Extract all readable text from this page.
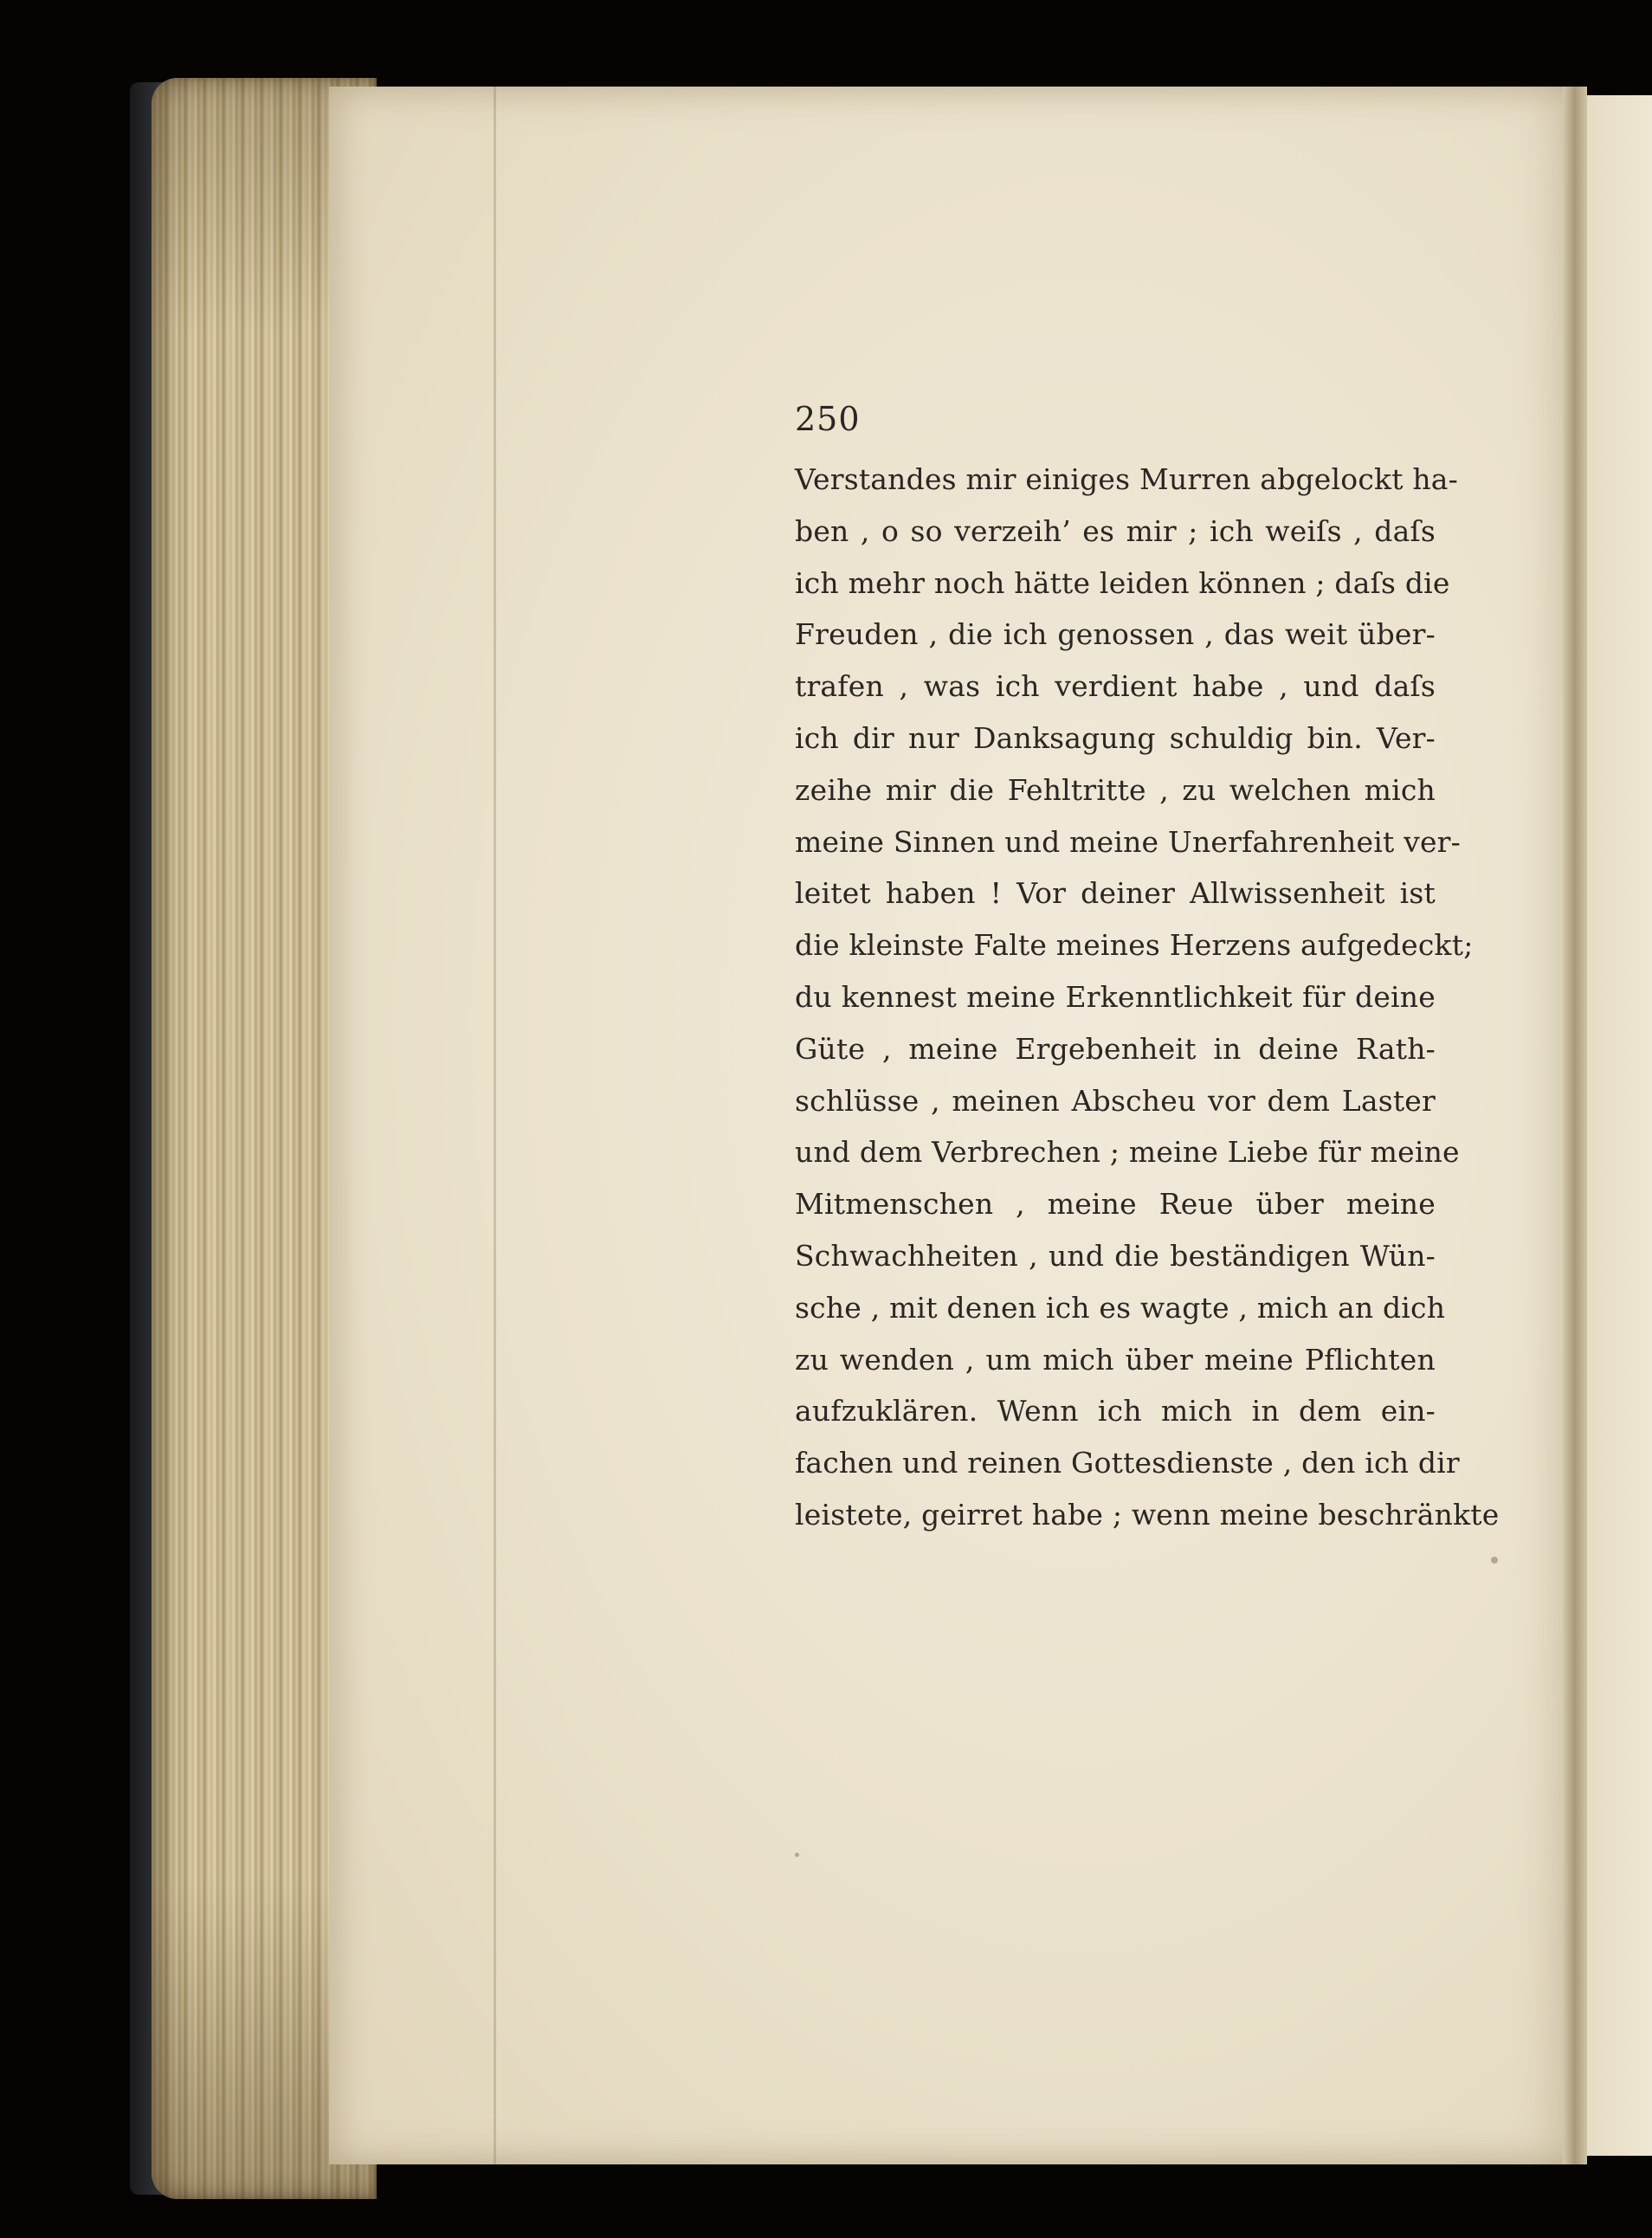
250
Verstandes mir einiges Murren abgelockt ha-
ben , o so verzeih’ es mir ; ich weiſs , daſs
ich mehr noch hätte leiden können ; daſs die
Freuden , die ich genossen , das weit über-
trafen , was ich verdient habe , und daſs
ich dir nur Danksagung schuldig bin. Ver-
zeihe mir die Fehltritte , zu welchen mich
meine Sinnen und meine Unerfahrenheit ver-
leitet haben ! Vor deiner Allwissenheit ist
die kleinste Falte meines Herzens aufgedeckt;
du kennest meine Erkenntlichkeit für deine
Güte , meine Ergebenheit in deine Rath-
schlüsse , meinen Abscheu vor dem Laster
und dem Verbrechen ; meine Liebe für meine
Mitmenschen , meine Reue über meine
Schwachheiten , und die beständigen Wün-
sche , mit denen ich es wagte , mich an dich
zu wenden , um mich über meine Pflichten
aufzuklären. Wenn ich mich in dem ein-
fachen und reinen Gottesdienste , den ich dir
leistete, geirret habe ; wenn meine beschränkte
